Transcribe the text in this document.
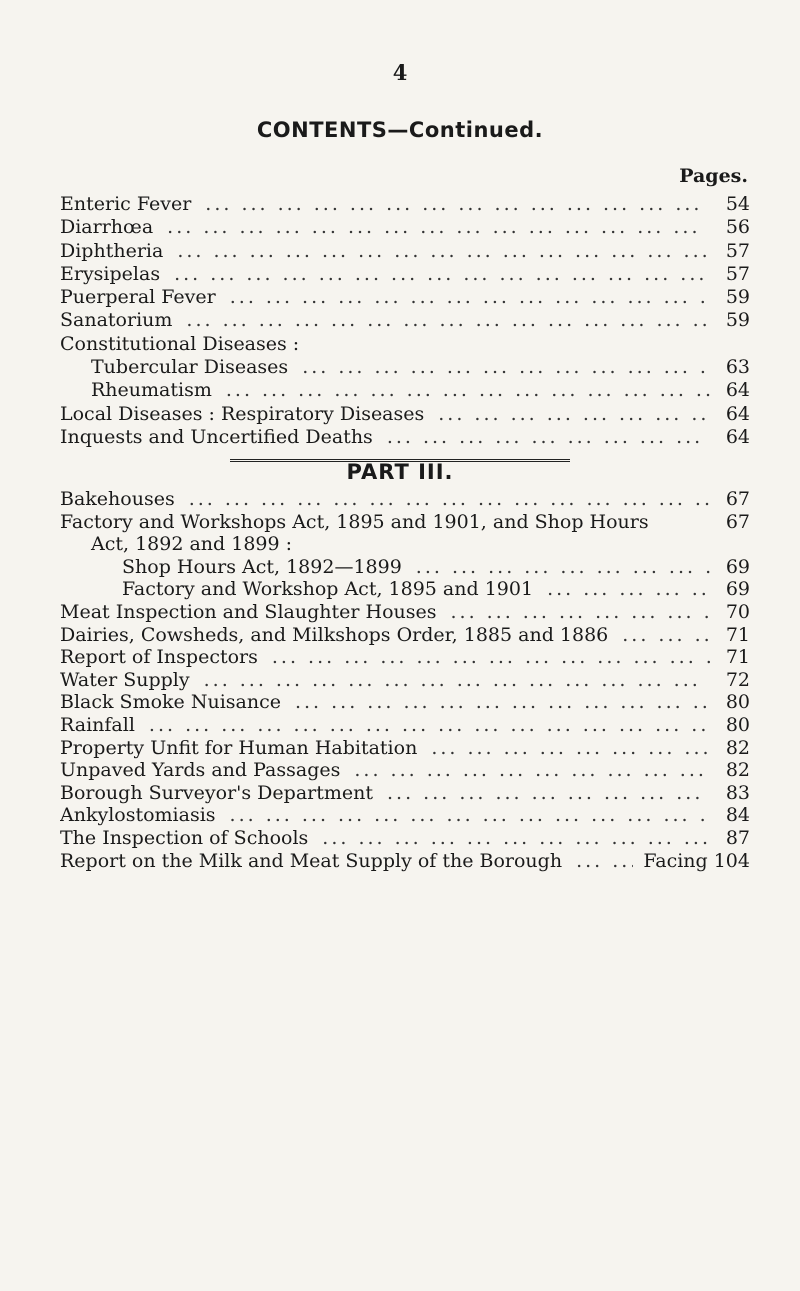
4
CONTENTS—Continued.
Pages.
Enteric Fever ... .	54
Diarrhœa ... .	56
Diphtheria ... .	57
Erysipelas ... .	57
Puerperal Fever ... .	59
Sanatorium ... .	59
Constitutional Diseases :
Tubercular Diseases ... .	63
Rheumatism ... .	64
Local Diseases : Respiratory Diseases ... .	64
Inquests and Uncertified Deaths ... .	64
PART III.
Bakehouses ... .	67
Factory and Workshops Act, 1895 and 1901, and Shop Hours	67
Act, 1892 and 1899 :
Shop Hours Act, 1892—1899 ... .	69
Factory and Workshop Act, 1895 and 1901 ... .	69
Meat Inspection and Slaughter Houses ... .	70
Dairies, Cowsheds, and Milkshops Order, 1885 and 1886 ... .	71
Report of Inspectors ... .	71
Water Supply ... .	72
Black Smoke Nuisance ... .	80
Rainfall ... .	80
Property Unfit for Human Habitation ... .	82
Unpaved Yards and Passages ... .	82
Borough Surveyor's Department ... .	83
Ankylostomiasis ... .	84
The Inspection of Schools ... .	87
Report on the Milk and Meat Supply of the Borough ... .	Facing 104
